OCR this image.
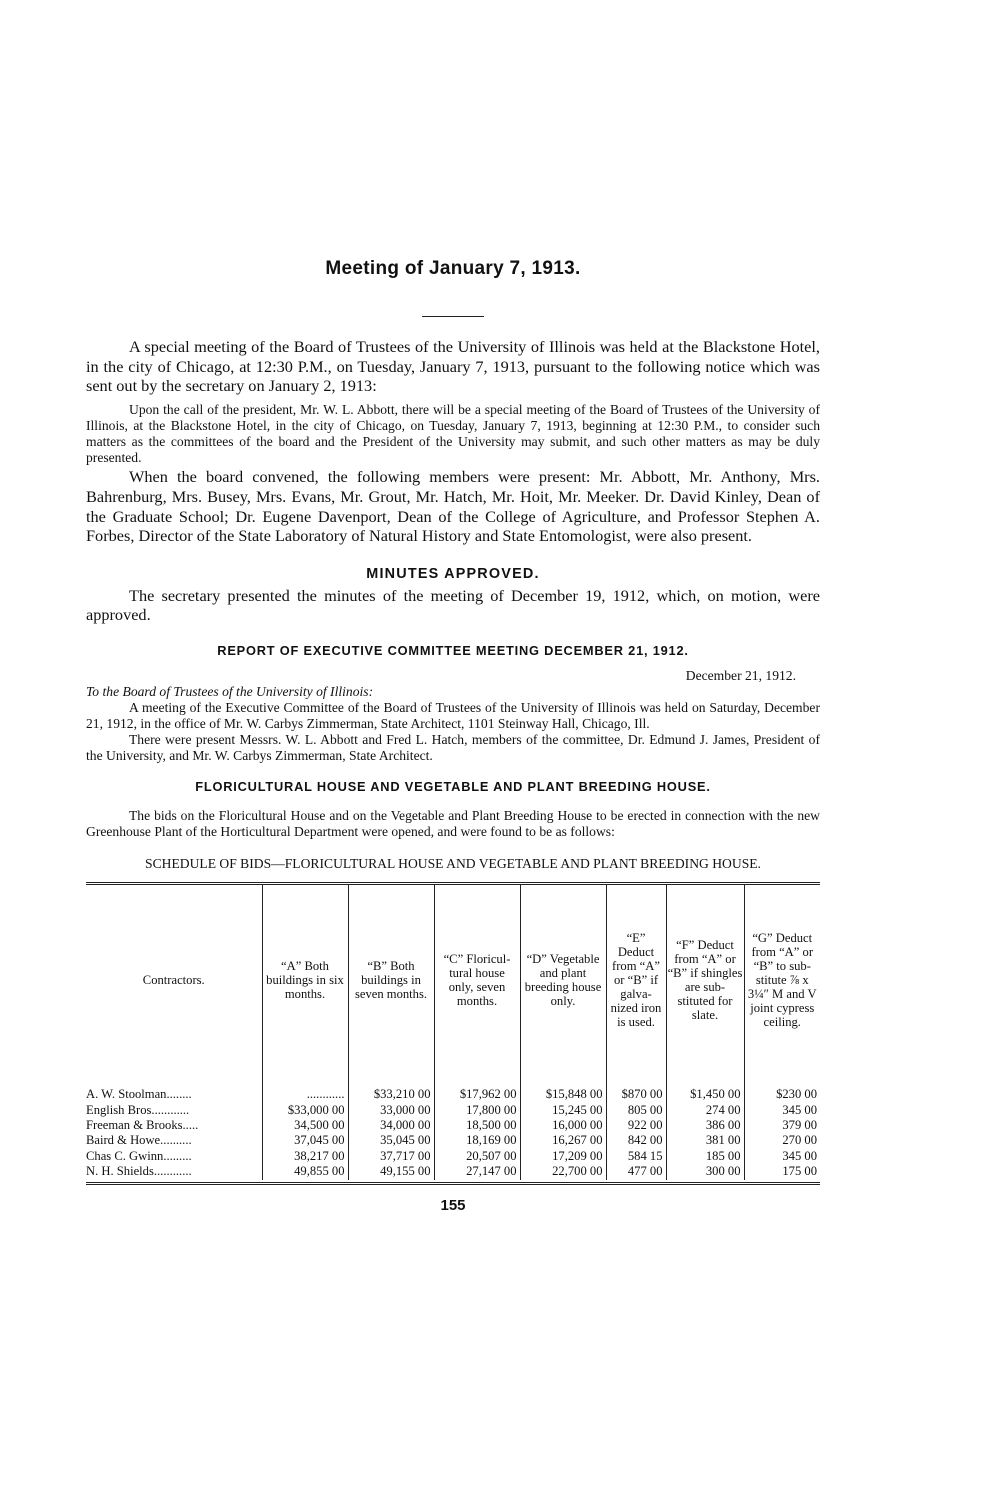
Meeting of January 7, 1913.

A special meeting of the Board of Trustees of the University of Illinois was held at the Blackstone Hotel, in the city of Chicago, at 12:30 P.M., on Tuesday, January 7, 1913, pursuant to the following notice which was sent out by the secretary on January 2, 1913:

Upon the call of the president, Mr. W. L. Abbott, there will be a special meeting of the Board of Trustees of the University of Illinois, at the Blackstone Hotel, in the city of Chicago, on Tuesday, January 7, 1913, beginning at 12:30 P.M., to consider such matters as the committees of the board and the President of the University may submit, and such other matters as may be duly presented.

When the board convened, the following members were present: Mr. Abbott, Mr. Anthony, Mrs. Bahrenburg, Mrs. Busey, Mrs. Evans, Mr. Grout, Mr. Hatch, Mr. Hoit, Mr. Meeker. Dr. David Kinley, Dean of the Graduate School; Dr. Eugene Davenport, Dean of the College of Agriculture, and Professor Stephen A. Forbes, Director of the State Laboratory of Natural History and State Entomologist, were also present.

MINUTES APPROVED.

The secretary presented the minutes of the meeting of December 19, 1912, which, on motion, were approved.

REPORT OF EXECUTIVE COMMITTEE MEETING DECEMBER 21, 1912.

December 21, 1912.

To the Board of Trustees of the University of Illinois:

A meeting of the Executive Committee of the Board of Trustees of the University of Illinois was held on Saturday, December 21, 1912, in the office of Mr. W. Carbys Zimmerman, State Architect, 1101 Steinway Hall, Chicago, Ill.

There were present Messrs. W. L. Abbott and Fred L. Hatch, members of the committee, Dr. Edmund J. James, President of the University, and Mr. W. Carbys Zimmerman, State Architect.

FLORICULTURAL HOUSE AND VEGETABLE AND PLANT BREEDING HOUSE.

The bids on the Floricultural House and on the Vegetable and Plant Breeding House to be erected in connection with the new Greenhouse Plant of the Horticultural Department were opened, and were found to be as follows:

SCHEDULE OF BIDS—FLORICULTURAL HOUSE AND VEGETABLE AND PLANT BREEDING HOUSE.

Contractors.	“A” Both buildings in six months.	“B” Both buildings in seven months.	“C” Floricul-tural house only, seven months.	“D” Vegetable and plant breeding house only.	“E” Deduct from “A” or “B” if galva-nized iron is used.	“F” Deduct from “A” or “B” if shingles are sub-stituted for slate.	“G” Deduct from “A” or “B” to sub-stitute ⅞ x 3¼″ M and V joint cypress ceiling.

A. W. Stoolman........	............	$33,210 00	$17,962 00	$15,848 00	$870 00	$1,450 00	$230 00
English Bros............	$33,000 00	33,000 00	17,800 00	15,245 00	805 00	274 00	345 00
Freeman & Brooks.....	34,500 00	34,000 00	18,500 00	16,000 00	922 00	386 00	379 00
Baird & Howe..........	37,045 00	35,045 00	18,169 00	16,267 00	842 00	381 00	270 00
Chas C. Gwinn.........	38,217 00	37,717 00	20,507 00	17,209 00	584 15	185 00	345 00
N. H. Shields............	49,855 00	49,155 00	27,147 00	22,700 00	477 00	300 00	175 00
155
